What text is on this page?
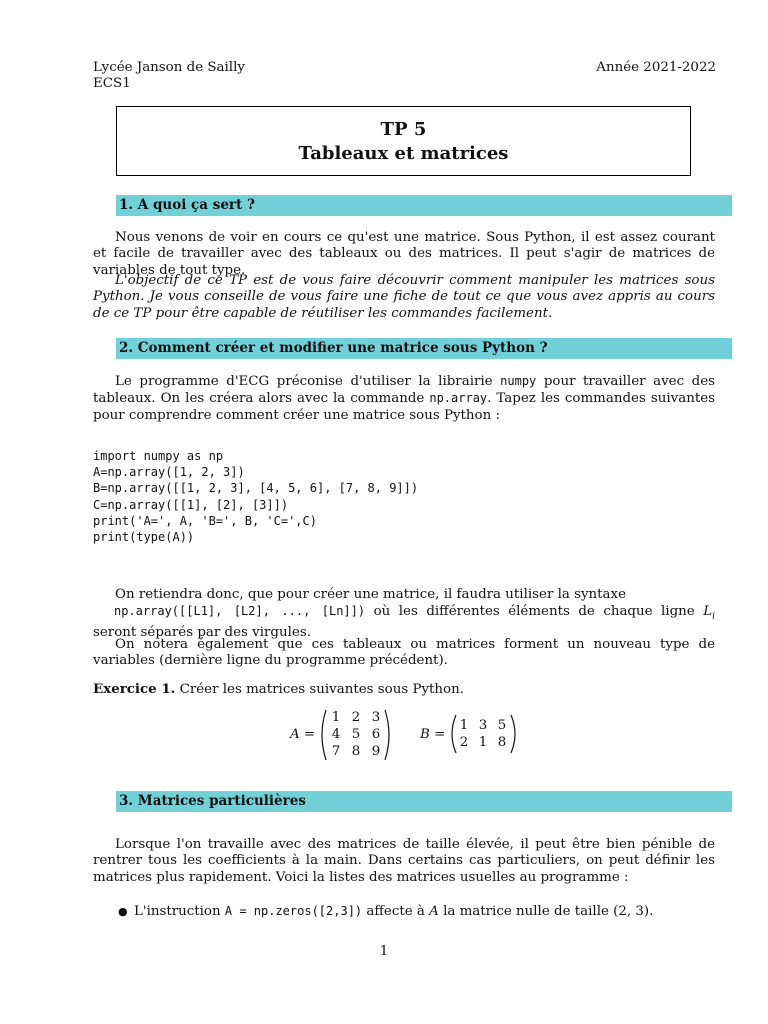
Lycée Janson de Sailly
ECS1
Année 2021-2022
TP 5
Tableaux et matrices
1. A quoi ça sert ?
Nous venons de voir en cours ce qu'est une matrice. Sous Python, il est assez courant et facile de travailler avec des tableaux ou des matrices. Il peut s'agir de matrices de variables de tout type.
L'objectif de ce TP est de vous faire découvrir comment manipuler les matrices sous Python. Je vous conseille de vous faire une fiche de tout ce que vous avez appris au cours de ce TP pour être capable de réutiliser les commandes facilement.
2. Comment créer et modifier une matrice sous Python ?
Le programme d'ECG préconise d'utiliser la librairie numpy pour travailler avec des tableaux. On les créera alors avec la commande np.array. Tapez les commandes suivantes pour comprendre comment créer une matrice sous Python :
import numpy as np
A=np.array([1, 2, 3])
B=np.array([[1, 2, 3], [4, 5, 6], [7, 8, 9]])
C=np.array([[1], [2], [3]])
print('A=', A, 'B=', B, 'C=',C)
print(type(A))
On retiendra donc, que pour créer une matrice, il faudra utiliser la syntaxe
np.array([[L1], [L2], ..., [Ln]]) où les différentes éléments de chaque ligne $L_i$ seront séparés par des virgules.
On notera également que ces tableaux ou matrices forment un nouveau type de variables (dernière ligne du programme précédent).
Exercice 1. Créer les matrices suivantes sous Python.
A =
1 2 3
4 5 6
7 8 9
B =
1 3 5
2 1 8
3. Matrices particulières
Lorsque l'on travaille avec des matrices de taille élevée, il peut être bien pénible de rentrer tous les coefficients à la main. Dans certains cas particuliers, on peut définir les matrices plus rapidement. Voici la listes des matrices usuelles au programme :
● L'instruction A = np.zeros([2,3]) affecte à A la matrice nulle de taille (2, 3).
1
